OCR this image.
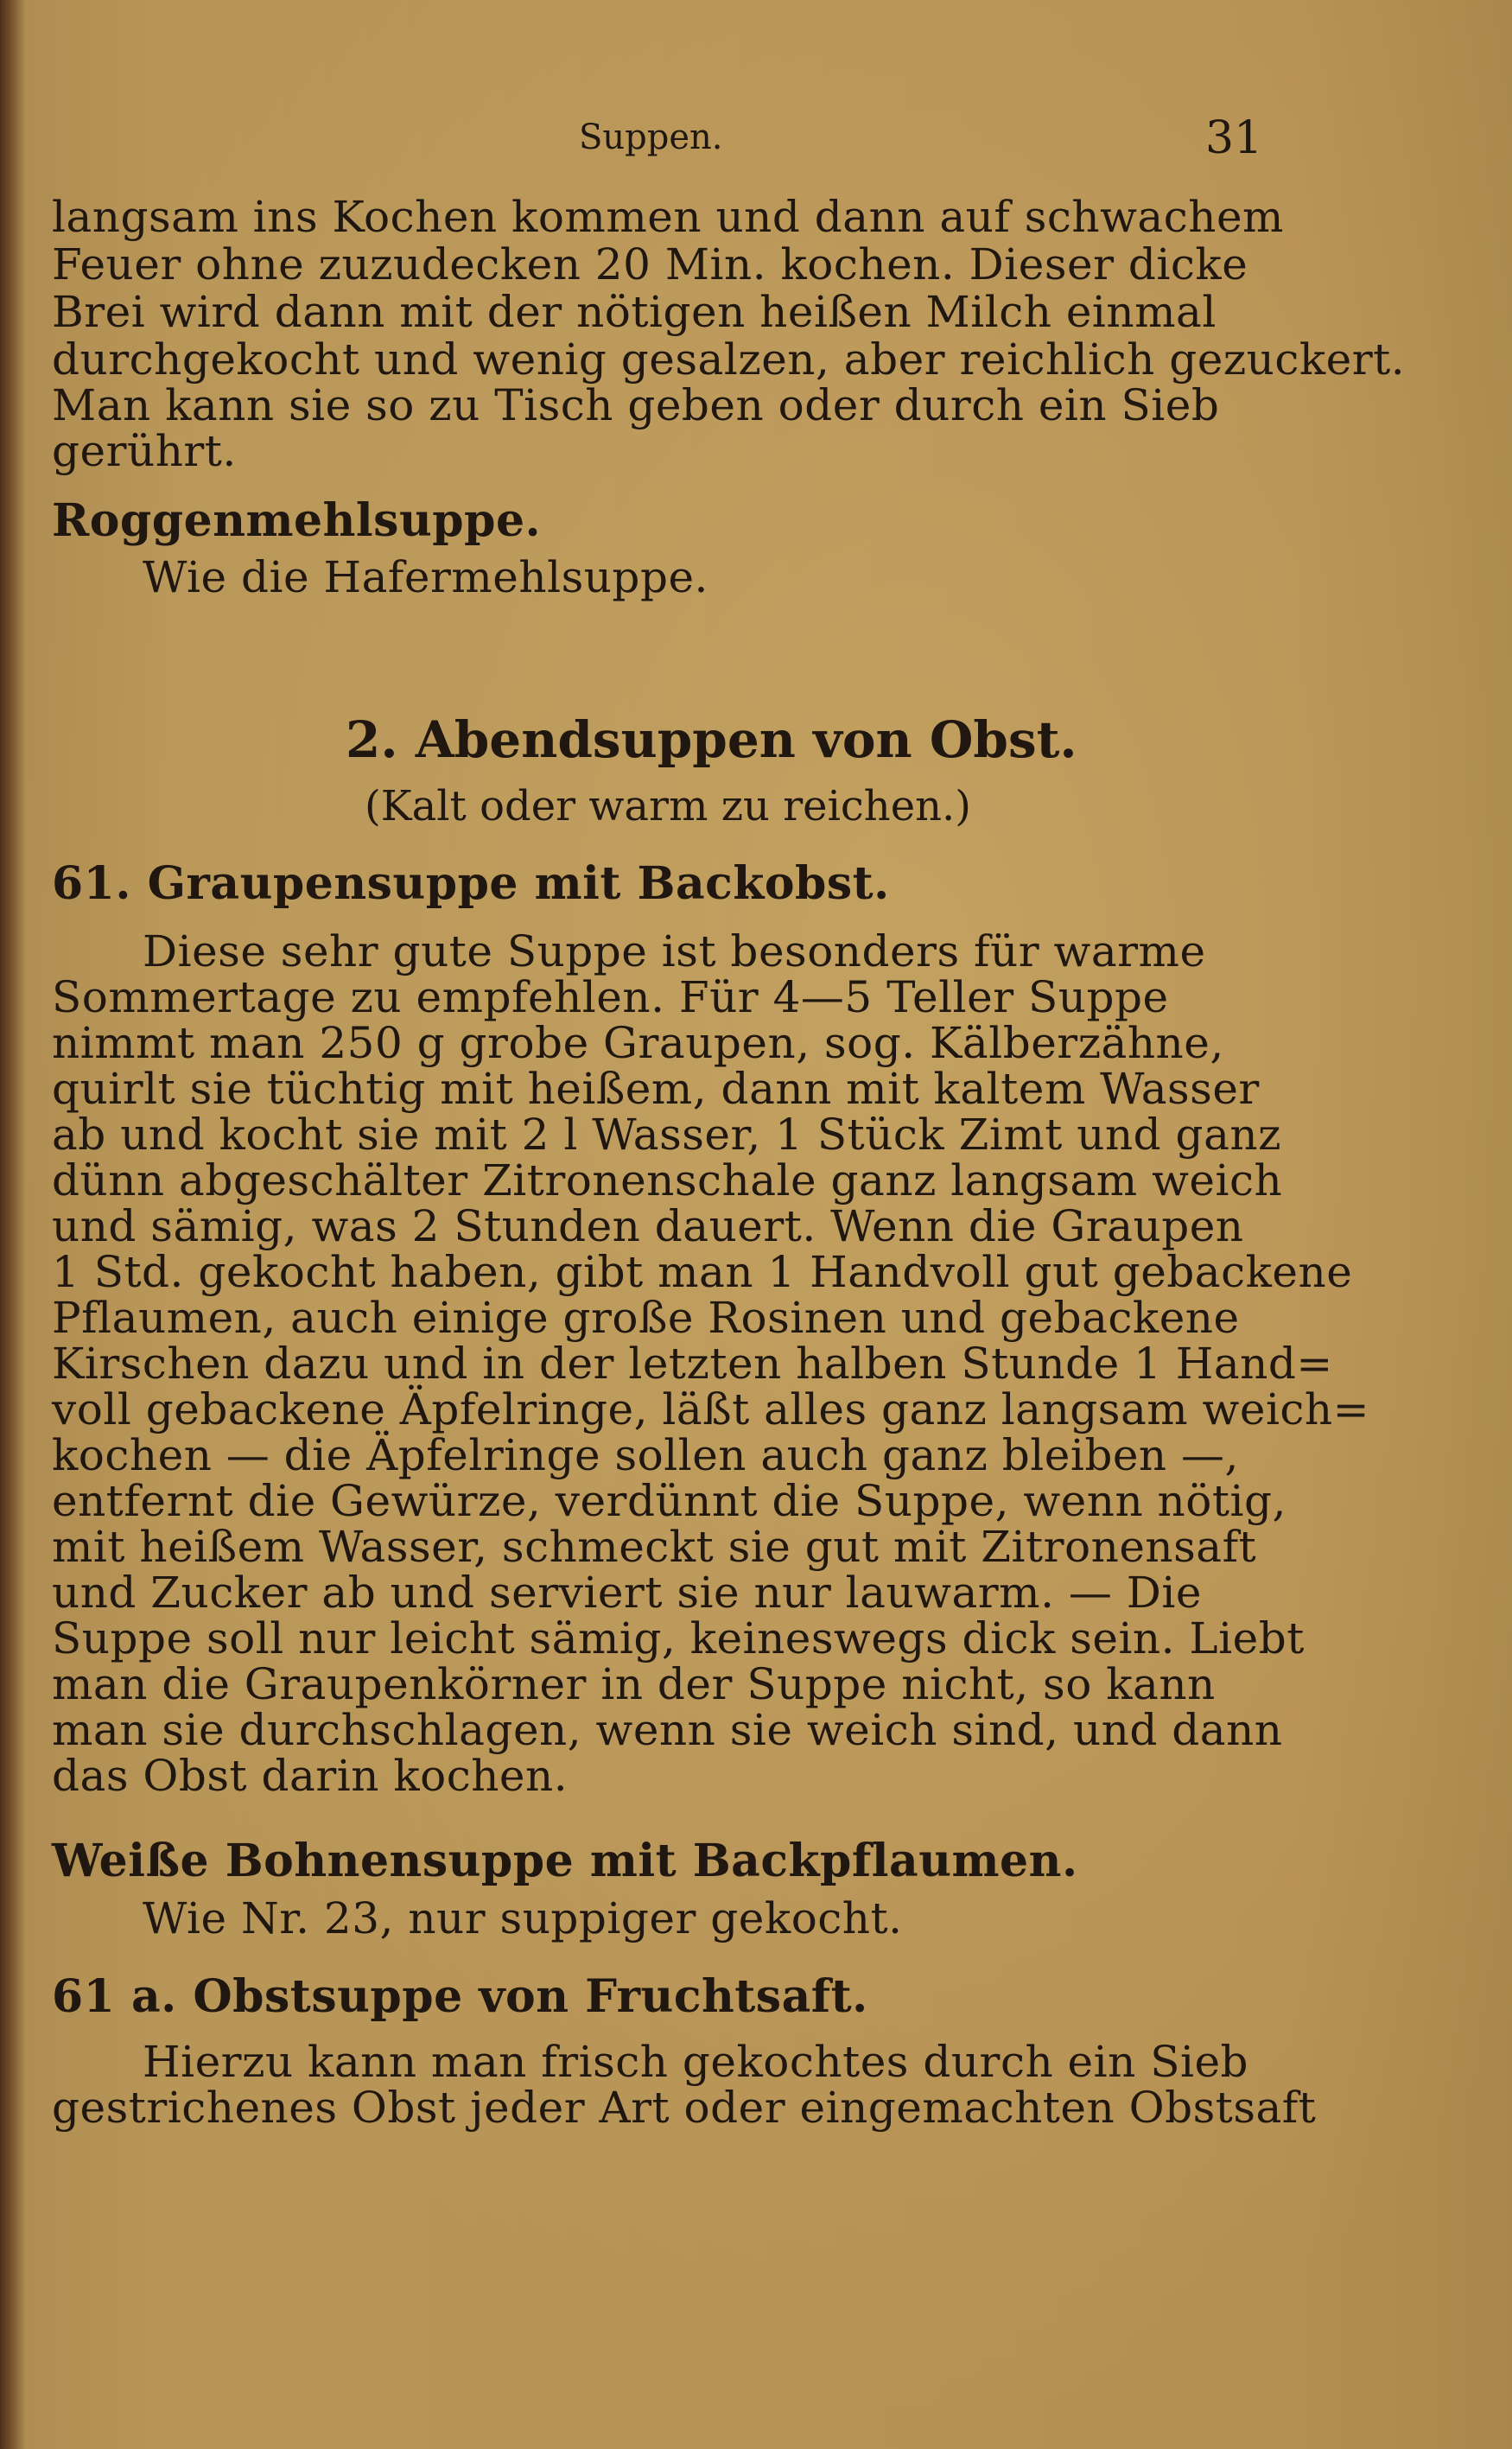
Suppen.	31
langsam ins Kochen kommen und dann auf schwachem
Feuer ohne zuzudecken 20 Min. kochen. Dieser dicke
Brei wird dann mit der nötigen heißen Milch einmal
durchgekocht und wenig gesalzen, aber reichlich gezuckert.
Man kann sie so zu Tisch geben oder durch ein Sieb
gerührt.
Roggenmehlsuppe.
Wie die Hafermehlsuppe.
2. Abendsuppen von Obst.
(Kalt oder warm zu reichen.)
61. Graupensuppe mit Backobst.
Diese sehr gute Suppe ist besonders für warme
Sommertage zu empfehlen. Für 4—5 Teller Suppe
nimmt man 250 g grobe Graupen, sog. Kälberzähne,
quirlt sie tüchtig mit heißem, dann mit kaltem Wasser
ab und kocht sie mit 2 l Wasser, 1 Stück Zimt und ganz
dünn abgeschälter Zitronenschale ganz langsam weich
und sämig, was 2 Stunden dauert. Wenn die Graupen
1 Std. gekocht haben, gibt man 1 Handvoll gut gebackene
Pflaumen, auch einige große Rosinen und gebackene
Kirschen dazu und in der letzten halben Stunde 1 Hand=
voll gebackene Äpfelringe, läßt alles ganz langsam weich=
kochen — die Äpfelringe sollen auch ganz bleiben —,
entfernt die Gewürze, verdünnt die Suppe, wenn nötig,
mit heißem Wasser, schmeckt sie gut mit Zitronensaft
und Zucker ab und serviert sie nur lauwarm. — Die
Suppe soll nur leicht sämig, keineswegs dick sein. Liebt
man die Graupenkörner in der Suppe nicht, so kann
man sie durchschlagen, wenn sie weich sind, und dann
das Obst darin kochen.
Weiße Bohnensuppe mit Backpflaumen.
Wie Nr. 23, nur suppiger gekocht.
61 a. Obstsuppe von Fruchtsaft.
Hierzu kann man frisch gekochtes durch ein Sieb
gestrichenes Obst jeder Art oder eingemachten Obstsaft
